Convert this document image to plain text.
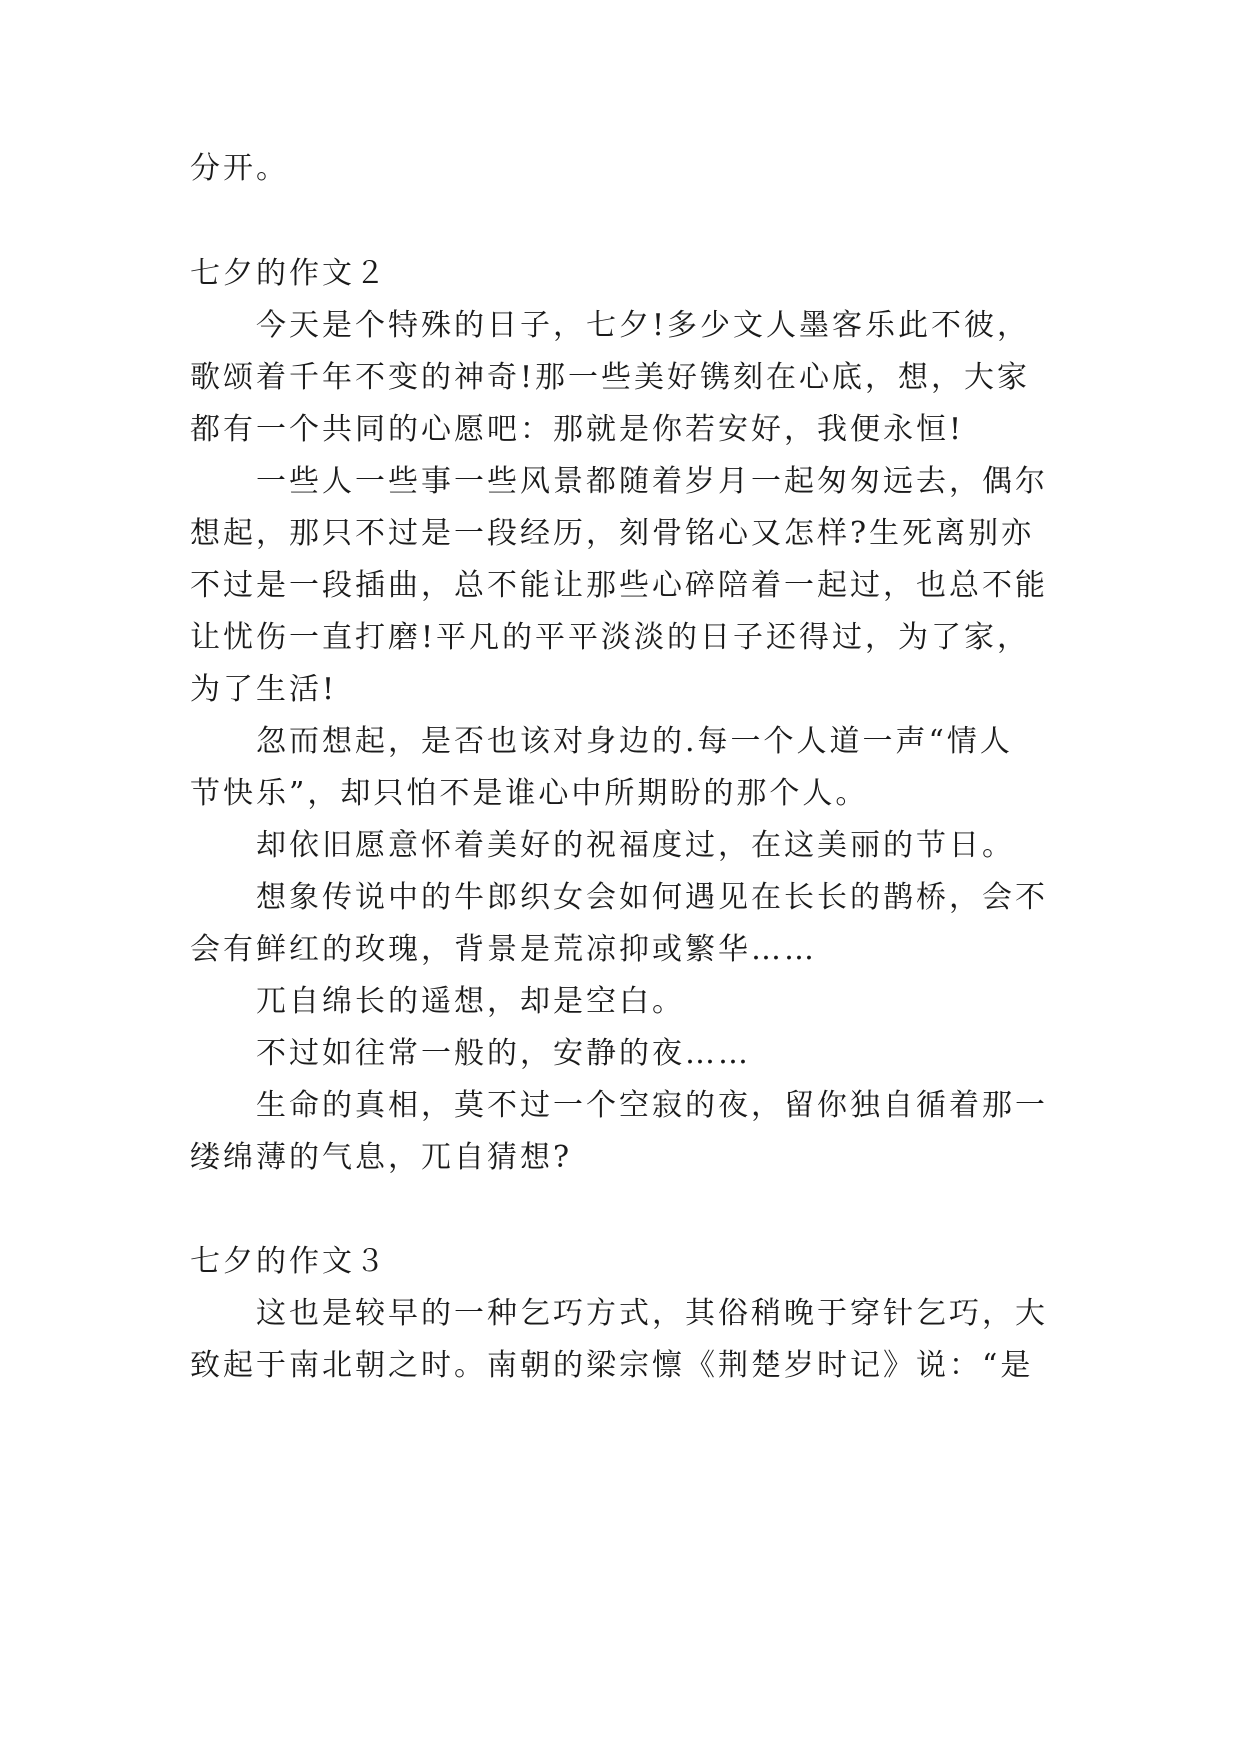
分开。
七夕的作文２
今天是个特殊的日子，七夕!多少文人墨客乐此不彼，
歌颂着千年不变的神奇!那一些美好镌刻在心底，想，大家
都有一个共同的心愿吧：那就是你若安好，我便永恒!
一些人一些事一些风景都随着岁月一起匆匆远去，偶尔
想起，那只不过是一段经历，刻骨铭心又怎样?生死离别亦
不过是一段插曲，总不能让那些心碎陪着一起过，也总不能
让忧伤一直打磨!平凡的平平淡淡的日子还得过，为了家，
为了生活!
忽而想起，是否也该对身边的.每一个人道一声“情人
节快乐”，却只怕不是谁心中所期盼的那个人。
却依旧愿意怀着美好的祝福度过，在这美丽的节日。
想象传说中的牛郎织女会如何遇见在长长的鹊桥，会不
会有鲜红的玫瑰，背景是荒凉抑或繁华……
兀自绵长的遥想，却是空白。
不过如往常一般的，安静的夜……
生命的真相，莫不过一个空寂的夜，留你独自循着那一
缕绵薄的气息，兀自猜想?
七夕的作文３
这也是较早的一种乞巧方式，其俗稍晚于穿针乞巧，大
致起于南北朝之时。南朝的梁宗懔《荆楚岁时记》说：“是
